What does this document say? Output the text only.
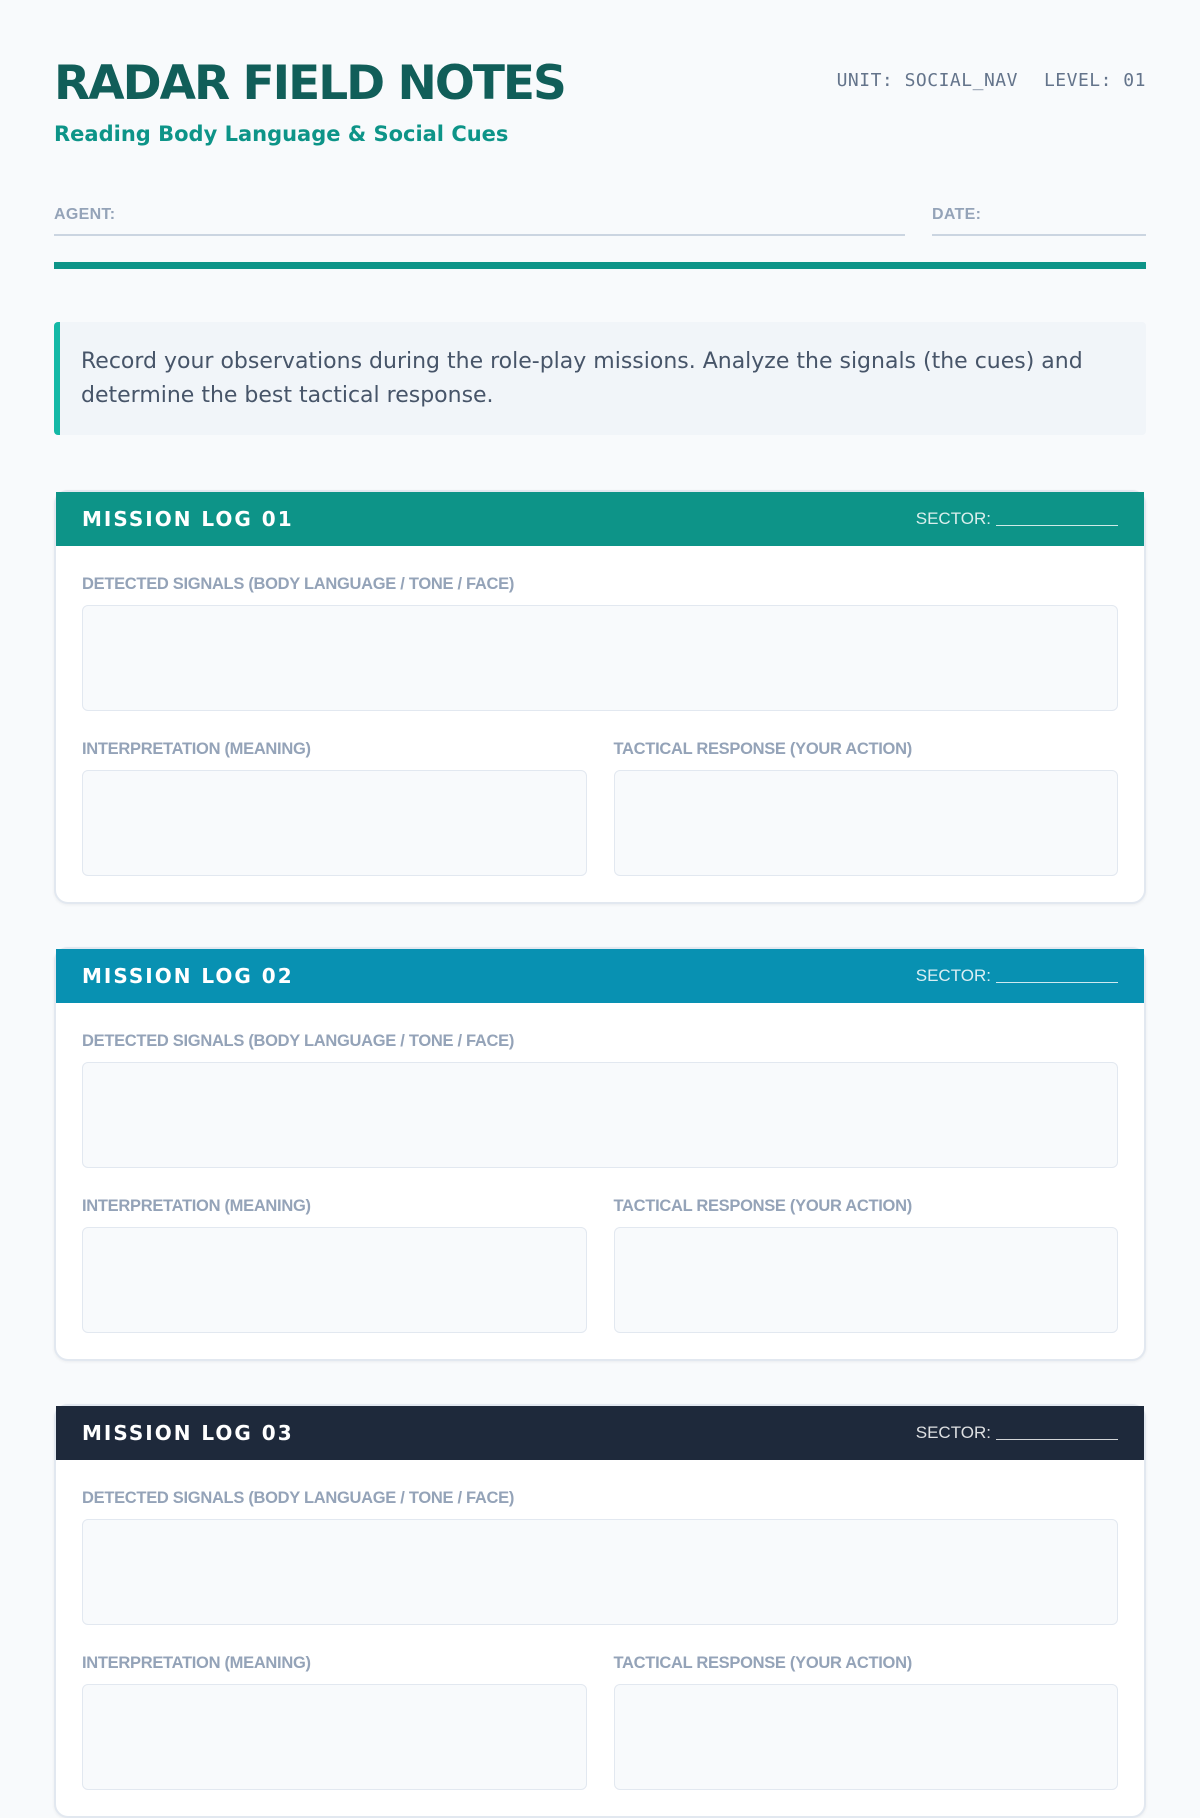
RADAR FIELD NOTES
Reading Body Language & Social Cues
UNIT: SOCIAL_NAV LEVEL: 01
AGENT:	DATE:
Record your observations during the role-play missions. Analyze the signals (the cues) and determine the best tactical response.
MISSION LOG 01	SECTOR:
DETECTED SIGNALS (BODY LANGUAGE / TONE / FACE)
INTERPRETATION (MEANING)	TACTICAL RESPONSE (YOUR ACTION)
MISSION LOG 02	SECTOR:
DETECTED SIGNALS (BODY LANGUAGE / TONE / FACE)
INTERPRETATION (MEANING)	TACTICAL RESPONSE (YOUR ACTION)
MISSION LOG 03	SECTOR:
DETECTED SIGNALS (BODY LANGUAGE / TONE / FACE)
INTERPRETATION (MEANING)	TACTICAL RESPONSE (YOUR ACTION)
